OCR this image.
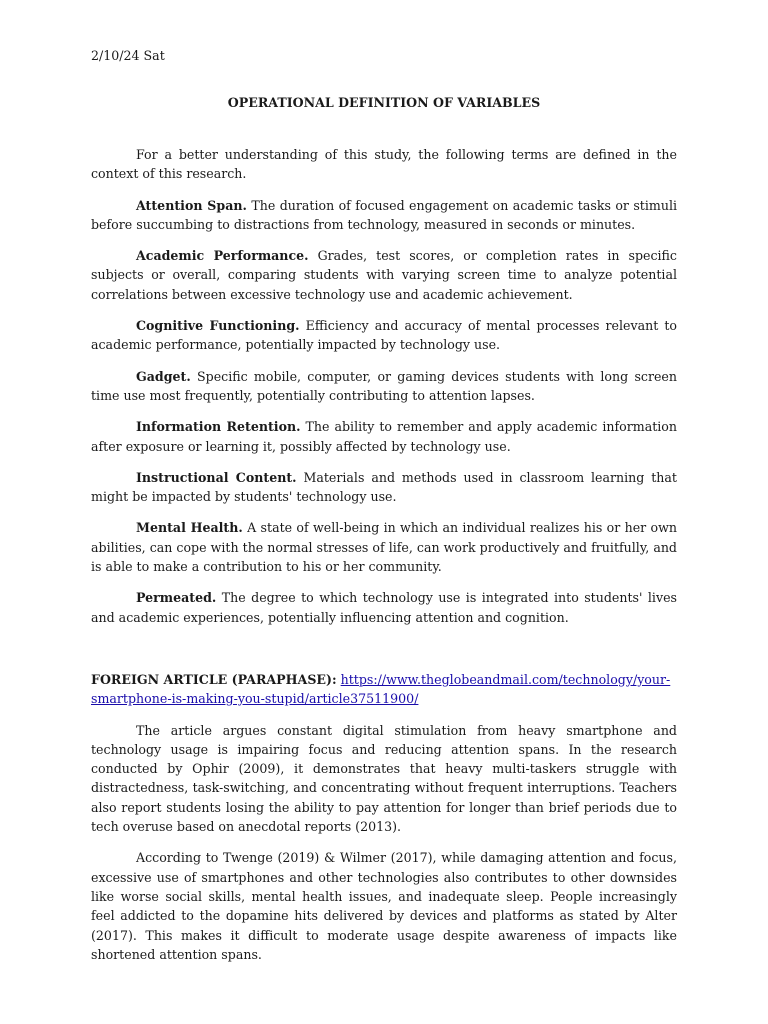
2/10/24 Sat

OPERATIONAL DEFINITION OF VARIABLES

For a better understanding of this study, the following terms are defined in the context of this research.

Attention Span. The duration of focused engagement on academic tasks or stimuli before succumbing to distractions from technology, measured in seconds or minutes.

Academic Performance. Grades, test scores, or completion rates in specific subjects or overall, comparing students with varying screen time to analyze potential correlations between excessive technology use and academic achievement.

Cognitive Functioning. Efficiency and accuracy of mental processes relevant to academic performance, potentially impacted by technology use.

Gadget. Specific mobile, computer, or gaming devices students with long screen time use most frequently, potentially contributing to attention lapses.

Information Retention. The ability to remember and apply academic information after exposure or learning it, possibly affected by technology use.

Instructional Content. Materials and methods used in classroom learning that might be impacted by students' technology use.

Mental Health. A state of well-being in which an individual realizes his or her own abilities, can cope with the normal stresses of life, can work productively and fruitfully, and is able to make a contribution to his or her community.

Permeated. The degree to which technology use is integrated into students' lives and academic experiences, potentially influencing attention and cognition.

FOREIGN ARTICLE (PARAPHASE): https://www.theglobeandmail.com/technology/your-smartphone-is-making-you-stupid/article37511900/

The article argues constant digital stimulation from heavy smartphone and technology usage is impairing focus and reducing attention spans. In the research conducted by Ophir (2009), it demonstrates that heavy multi-taskers struggle with distractedness, task-switching, and concentrating without frequent interruptions. Teachers also report students losing the ability to pay attention for longer than brief periods due to tech overuse based on anecdotal reports (2013).

According to Twenge (2019) & Wilmer (2017), while damaging attention and focus, excessive use of smartphones and other technologies also contributes to other downsides like worse social skills, mental health issues, and inadequate sleep. People increasingly feel addicted to the dopamine hits delivered by devices and platforms as stated by Alter (2017). This makes it difficult to moderate usage despite awareness of impacts like shortened attention spans.
